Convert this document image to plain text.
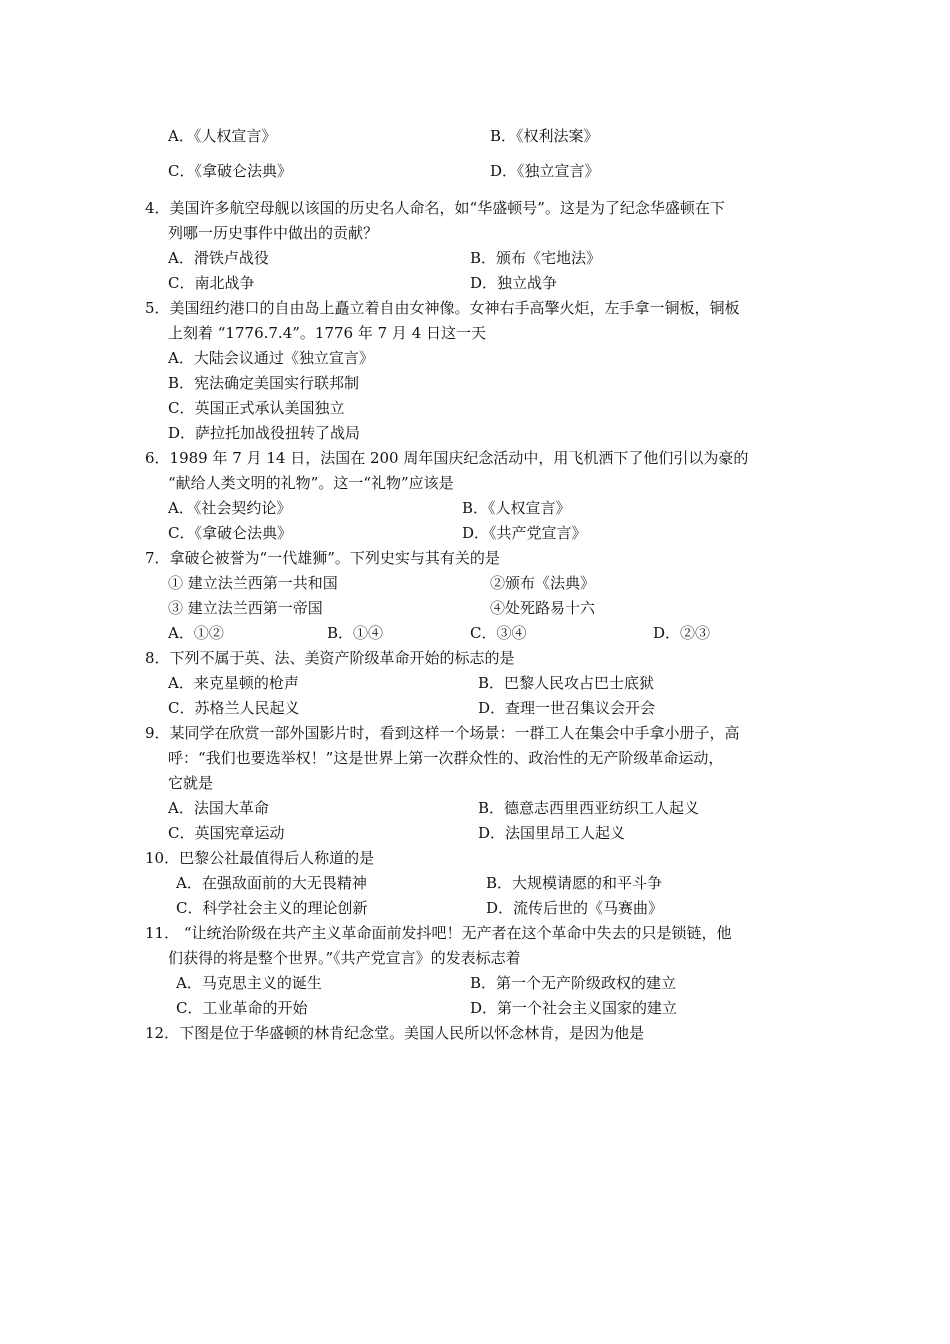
A．《人权宣言》	B．《权利法案》
C．《拿破仑法典》	D．《独立宣言》
4．美国许多航空母舰以该国的历史名人命名，如“华盛顿号”。这是为了纪念华盛顿在下
列哪一历史事件中做出的贡献？
A．滑铁卢战役	B．颁布《宅地法》
C．南北战争	D．独立战争
5．美国纽约港口的自由岛上矗立着自由女神像。女神右手高擎火炬，左手拿一铜板，铜板
上刻着 “1776.7.4”。1776 年 7 月 4 日这一天
A．大陆会议通过《独立宣言》
B．宪法确定美国实行联邦制
C．英国正式承认美国独立
D．萨拉托加战役扭转了战局
6．1989 年 7 月 14 日，法国在 200 周年国庆纪念活动中，用飞机洒下了他们引以为豪的
“献给人类文明的礼物”。这一“礼物”应该是
A．《社会契约论》	B．《人权宣言》
C．《拿破仑法典》	D．《共产党宣言》
7．拿破仑被誉为“一代雄狮”。下列史实与其有关的是
① 建立法兰西第一共和国	②颁布《法典》
③ 建立法兰西第一帝国	④处死路易十六
A．①②	B．①④	C．③④	D．②③
8．下列不属于英、法、美资产阶级革命开始的标志的是
A．来克星顿的枪声	B．巴黎人民攻占巴士底狱
C．苏格兰人民起义	D．查理一世召集议会开会
9．某同学在欣赏一部外国影片时，看到这样一个场景：一群工人在集会中手拿小册子，高
呼：“我们也要选举权！”这是世界上第一次群众性的、政治性的无产阶级革命运动，
它就是
A．法国大革命	B．德意志西里西亚纺织工人起义
C．英国宪章运动	D．法国里昂工人起义
10．巴黎公社最值得后人称道的是
A．在强敌面前的大无畏精神	B．大规模请愿的和平斗争
C．科学社会主义的理论创新	D．流传后世的《马赛曲》
11． “让统治阶级在共产主义革命面前发抖吧！无产者在这个革命中失去的只是锁链，他
们获得的将是整个世界。”《共产党宣言》的发表标志着
A．马克思主义的诞生	B．第一个无产阶级政权的建立
C．工业革命的开始	D．第一个社会主义国家的建立
12．下图是位于华盛顿的林肯纪念堂。美国人民所以怀念林肯，是因为他是
